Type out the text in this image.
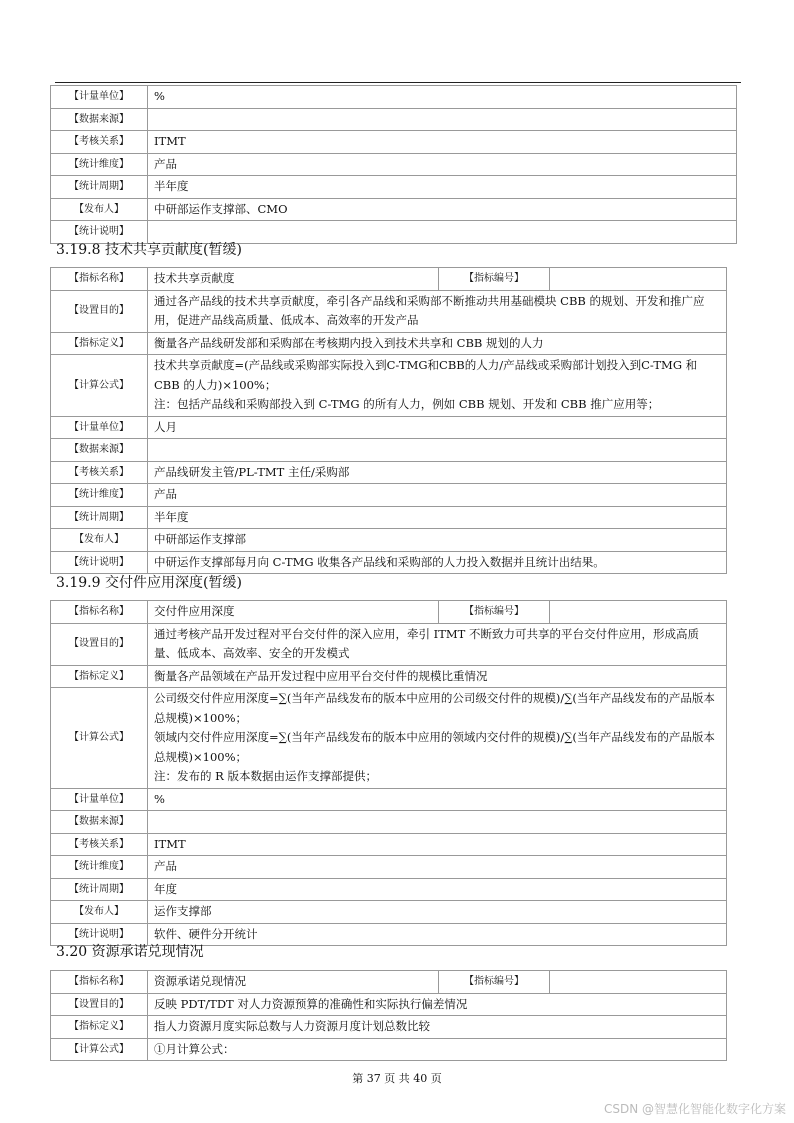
【计量单位】	%
【数据来源】	
【考核关系】	ITMT
【统计维度】	产品
【统计周期】	半年度
【发布人】	中研部运作支撑部、CMO
【统计说明】	
3.19.8 技术共享贡献度(暂缓)
【指标名称】	技术共享贡献度	【指标编号】	
【设置目的】	通过各产品线的技术共享贡献度，牵引各产品线和采购部不断推动共用基础模块 CBB 的规划、开发和推广应用，促进产品线高质量、低成本、高效率的开发产品		
【指标定义】	衡量各产品线研发部和采购部在考核期内投入到技术共享和 CBB 规划的人力		
【计算公式】	技术共享贡献度=(产品线或采购部实际投入到C-TMG和CBB的人力/产品线或采购部计划投入到C-TMG 和 CBB 的人力)×100%；
注：包括产品线和采购部投入到 C-TMG 的所有人力，例如 CBB 规划、开发和 CBB 推广应用等；		

【计量单位】	人月		
【数据来源】			
【考核关系】	产品线研发主管/PL-TMT 主任/采购部		
【统计维度】	产品		
【统计周期】	半年度		
【发布人】	中研部运作支撑部		
【统计说明】	中研运作支撑部每月向 C-TMG 收集各产品线和采购部的人力投入数据并且统计出结果。		
3.19.9 交付件应用深度(暂缓)
【指标名称】	交付件应用深度	【指标编号】	
【设置目的】	通过考核产品开发过程对平台交付件的深入应用，牵引 ITMT 不断致力可共享的平台交付件应用，形成高质量、低成本、高效率、安全的开发模式		
【指标定义】	衡量各产品领域在产品开发过程中应用平台交付件的规模比重情况		
【计算公式】	公司级交付件应用深度=∑(当年产品线发布的版本中应用的公司级交付件的规模)/∑(当年产品线发布的产品版本总规模)×100%；
领域内交付件应用深度=∑(当年产品线发布的版本中应用的领域内交付件的规模)/∑(当年产品线发布的产品版本总规模)×100%；
注：发布的 R 版本数据由运作支撑部提供；		

【计量单位】	%		
【数据来源】			
【考核关系】	ITMT		
【统计维度】	产品		
【统计周期】	年度		
【发布人】	运作支撑部		
【统计说明】	软件、硬件分开统计		
3.20 资源承诺兑现情况
【指标名称】	资源承诺兑现情况	【指标编号】	
【设置目的】	反映 PDT/TDT 对人力资源预算的准确性和实际执行偏差情况		
【指标定义】	指人力资源月度实际总数与人力资源月度计划总数比较		
【计算公式】	①月计算公式：		
第 37 页 共 40 页
CSDN @智慧化智能化数字化方案
